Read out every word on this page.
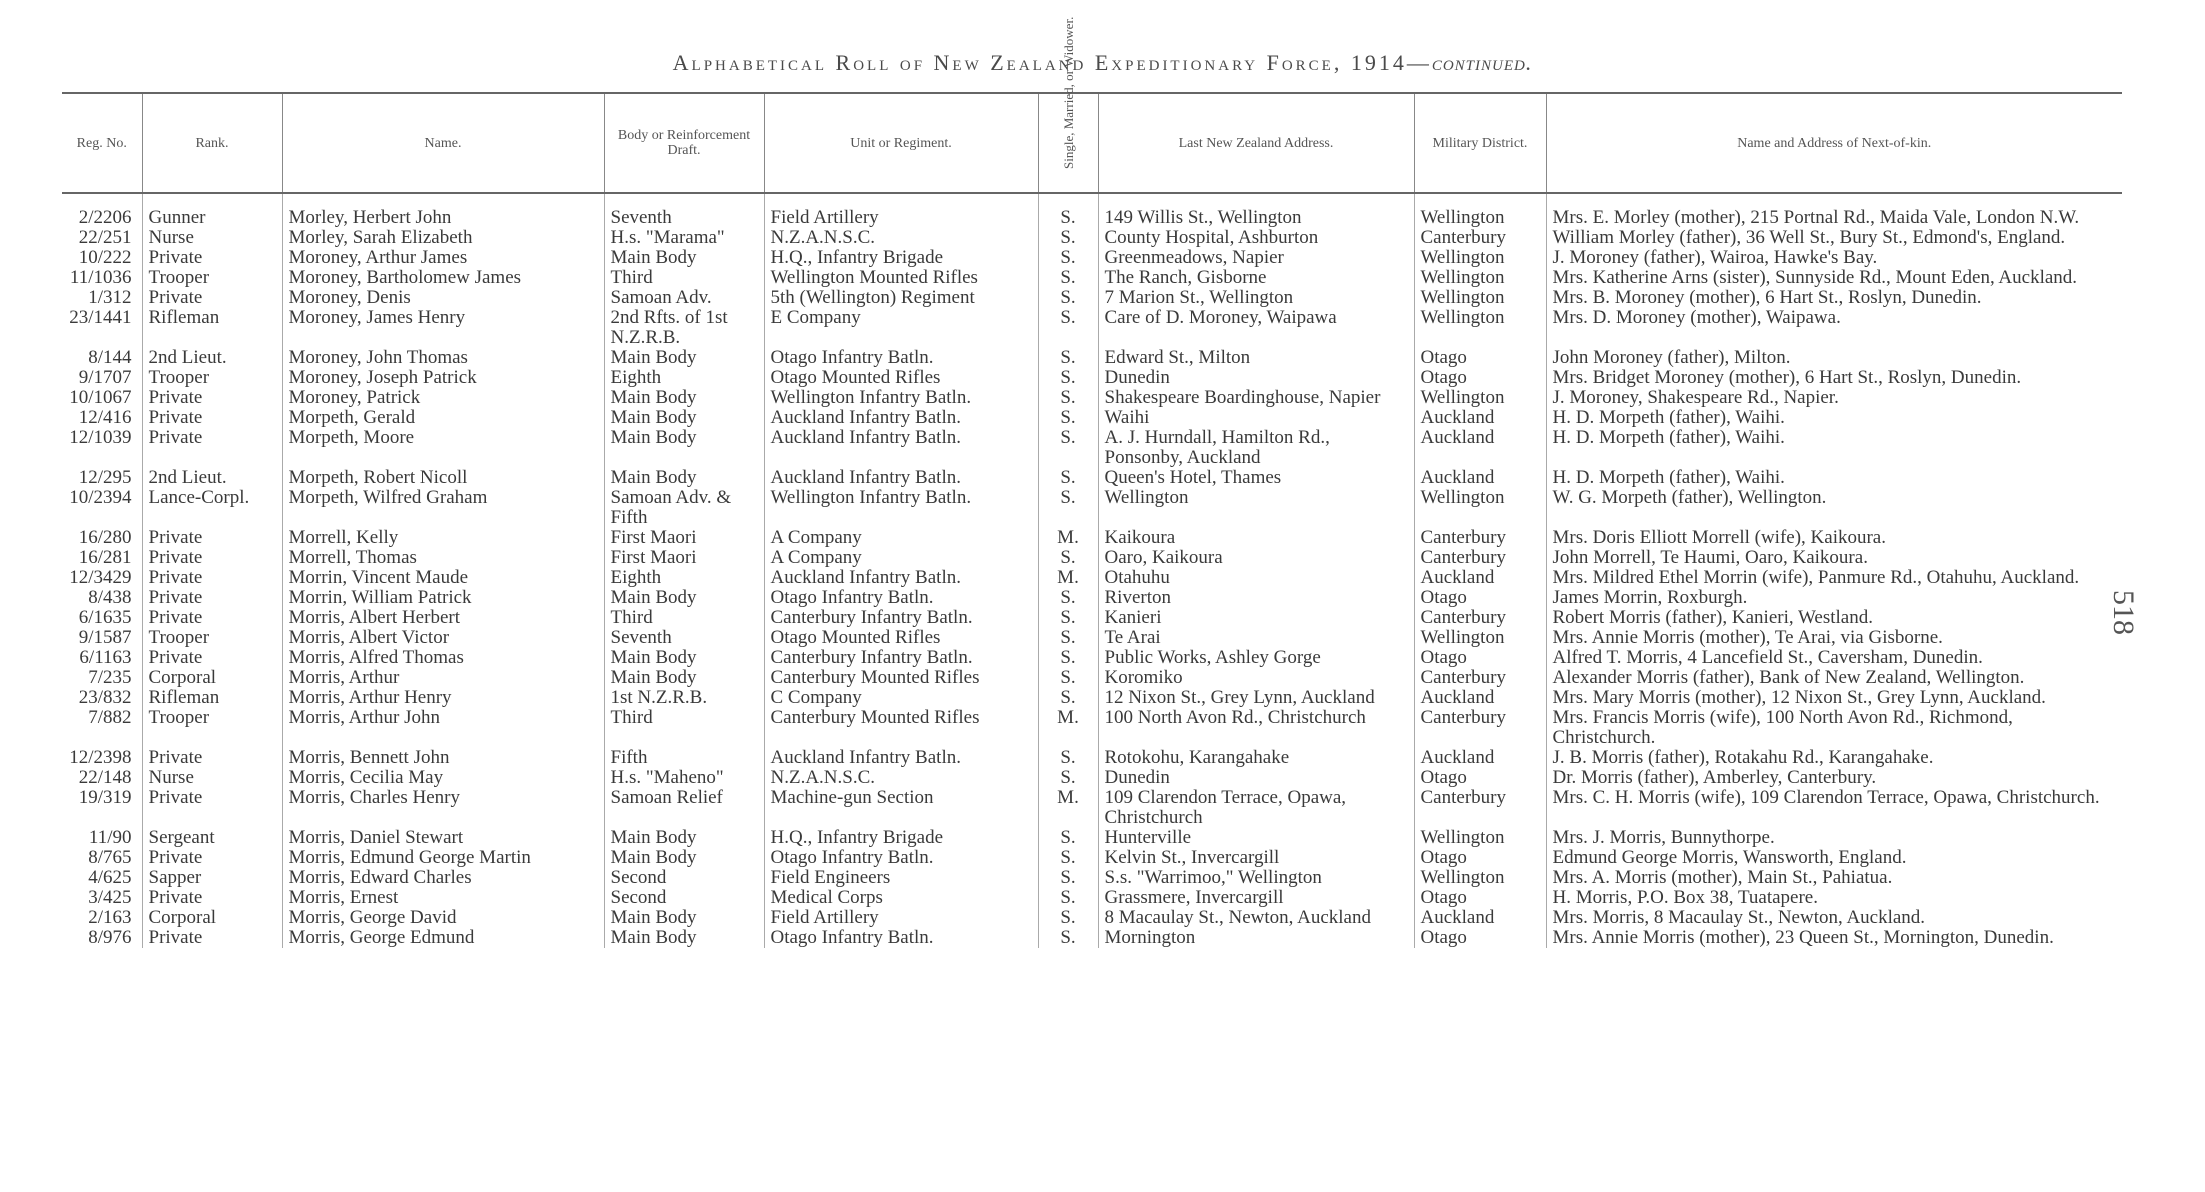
Alphabetical Roll of New Zealand Expeditionary Force, 1914—continued.
518
Reg. No.	Rank.	Name.	Body or Reinforcement Draft.	Unit or Regiment.	Single, Married, or Widower.	Last New Zealand Address.	Military District.	Name and Address of Next-of-kin.
2/2206	Gunner	Morley, Herbert John	Seventh	Field Artillery	S.	149 Willis St., Wellington	Wellington	Mrs. E. Morley (mother), 215 Portnal Rd., Maida Vale, London N.W.
22/251	Nurse	Morley, Sarah Elizabeth	H.s. "Marama"	N.Z.A.N.S.C.	S.	County Hospital, Ashburton	Canterbury	William Morley (father), 36 Well St., Bury St., Edmond's, England.
10/222	Private	Moroney, Arthur James	Main Body	H.Q., Infantry Brigade	S.	Greenmeadows, Napier	Wellington	J. Moroney (father), Wairoa, Hawke's Bay.
11/1036	Trooper	Moroney, Bartholomew James	Third	Wellington Mounted Rifles	S.	The Ranch, Gisborne	Wellington	Mrs. Katherine Arns (sister), Sunnyside Rd., Mount Eden, Auckland.
1/312	Private	Moroney, Denis	Samoan Adv.	5th (Wellington) Regiment	S.	7 Marion St., Wellington	Wellington	Mrs. B. Moroney (mother), 6 Hart St., Roslyn, Dunedin.
23/1441	Rifleman	Moroney, James Henry	2nd Rfts. of 1st N.Z.R.B.	E Company	S.	Care of D. Moroney, Waipawa	Wellington	Mrs. D. Moroney (mother), Waipawa.
8/144	2nd Lieut.	Moroney, John Thomas	Main Body	Otago Infantry Batln.	S.	Edward St., Milton	Otago	John Moroney (father), Milton.
9/1707	Trooper	Moroney, Joseph Patrick	Eighth	Otago Mounted Rifles	S.	Dunedin	Otago	Mrs. Bridget Moroney (mother), 6 Hart St., Roslyn, Dunedin.
10/1067	Private	Moroney, Patrick	Main Body	Wellington Infantry Batln.	S.	Shakespeare Boardinghouse, Napier	Wellington	J. Moroney, Shakespeare Rd., Napier.
12/416	Private	Morpeth, Gerald	Main Body	Auckland Infantry Batln.	S.	Waihi	Auckland	H. D. Morpeth (father), Waihi.
12/1039	Private	Morpeth, Moore	Main Body	Auckland Infantry Batln.	S.	A. J. Hurndall, Hamilton Rd., Ponsonby, Auckland	Auckland	H. D. Morpeth (father), Waihi.
12/295	2nd Lieut.	Morpeth, Robert Nicoll	Main Body	Auckland Infantry Batln.	S.	Queen's Hotel, Thames	Auckland	H. D. Morpeth (father), Waihi.
10/2394	Lance-Corpl.	Morpeth, Wilfred Graham	Samoan Adv. & Fifth	Wellington Infantry Batln.	S.	Wellington	Wellington	W. G. Morpeth (father), Wellington.
16/280	Private	Morrell, Kelly	First Maori	A Company	M.	Kaikoura	Canterbury	Mrs. Doris Elliott Morrell (wife), Kaikoura.
16/281	Private	Morrell, Thomas	First Maori	A Company	S.	Oaro, Kaikoura	Canterbury	John Morrell, Te Haumi, Oaro, Kaikoura.
12/3429	Private	Morrin, Vincent Maude	Eighth	Auckland Infantry Batln.	M.	Otahuhu	Auckland	Mrs. Mildred Ethel Morrin (wife), Panmure Rd., Otahuhu, Auckland.
8/438	Private	Morrin, William Patrick	Main Body	Otago Infantry Batln.	S.	Riverton	Otago	James Morrin, Roxburgh.
6/1635	Private	Morris, Albert Herbert	Third	Canterbury Infantry Batln.	S.	Kanieri	Canterbury	Robert Morris (father), Kanieri, Westland.
9/1587	Trooper	Morris, Albert Victor	Seventh	Otago Mounted Rifles	S.	Te Arai	Wellington	Mrs. Annie Morris (mother), Te Arai, via Gisborne.
6/1163	Private	Morris, Alfred Thomas	Main Body	Canterbury Infantry Batln.	S.	Public Works, Ashley Gorge	Otago	Alfred T. Morris, 4 Lancefield St., Caversham, Dunedin.
7/235	Corporal	Morris, Arthur	Main Body	Canterbury Mounted Rifles	S.	Koromiko	Canterbury	Alexander Morris (father), Bank of New Zealand, Wellington.
23/832	Rifleman	Morris, Arthur Henry	1st N.Z.R.B.	C Company	S.	12 Nixon St., Grey Lynn, Auckland	Auckland	Mrs. Mary Morris (mother), 12 Nixon St., Grey Lynn, Auckland.
7/882	Trooper	Morris, Arthur John	Third	Canterbury Mounted Rifles	M.	100 North Avon Rd., Christchurch	Canterbury	Mrs. Francis Morris (wife), 100 North Avon Rd., Richmond, Christchurch.
12/2398	Private	Morris, Bennett John	Fifth	Auckland Infantry Batln.	S.	Rotokohu, Karangahake	Auckland	J. B. Morris (father), Rotakahu Rd., Karangahake.
22/148	Nurse	Morris, Cecilia May	H.s. "Maheno"	N.Z.A.N.S.C.	S.	Dunedin	Otago	Dr. Morris (father), Amberley, Canterbury.
19/319	Private	Morris, Charles Henry	Samoan Relief	Machine-gun Section	M.	109 Clarendon Terrace, Opawa, Christchurch	Canterbury	Mrs. C. H. Morris (wife), 109 Clarendon Terrace, Opawa, Christchurch.
11/90	Sergeant	Morris, Daniel Stewart	Main Body	H.Q., Infantry Brigade	S.	Hunterville	Wellington	Mrs. J. Morris, Bunnythorpe.
8/765	Private	Morris, Edmund George Martin	Main Body	Otago Infantry Batln.	S.	Kelvin St., Invercargill	Otago	Edmund George Morris, Wansworth, England.
4/625	Sapper	Morris, Edward Charles	Second	Field Engineers	S.	S.s. "Warrimoo," Wellington	Wellington	Mrs. A. Morris (mother), Main St., Pahiatua.
3/425	Private	Morris, Ernest	Second	Medical Corps	S.	Grassmere, Invercargill	Otago	H. Morris, P.O. Box 38, Tuatapere.
2/163	Corporal	Morris, George David	Main Body	Field Artillery	S.	8 Macaulay St., Newton, Auckland	Auckland	Mrs. Morris, 8 Macaulay St., Newton, Auckland.
8/976	Private	Morris, George Edmund	Main Body	Otago Infantry Batln.	S.	Mornington	Otago	Mrs. Annie Morris (mother), 23 Queen St., Mornington, Dunedin.
